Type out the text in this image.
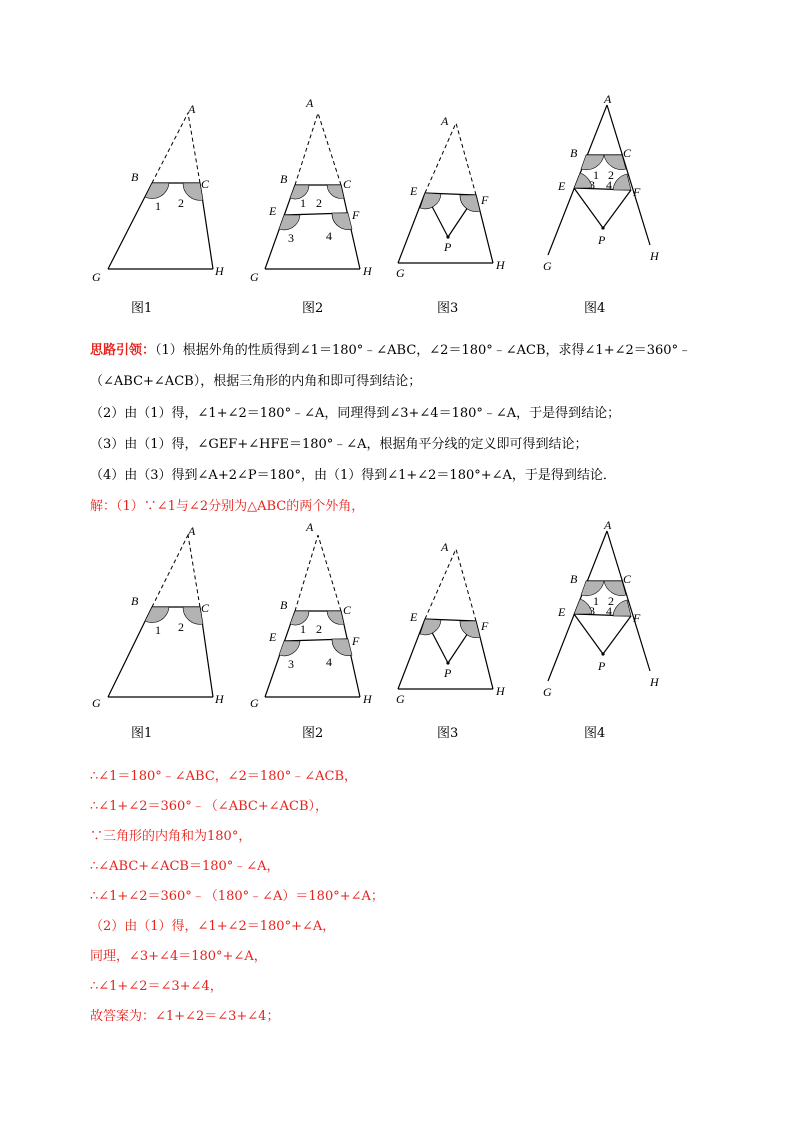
A
B	C
G	H
1 2
A
B	C
E	F
G	H
1 2
3	4
A
E
F
P
G
H
A
B	C
E	F
P
G
H
1 2
3 4
图1	图2	图3	图4
思路引领：（1）根据外角的性质得到∠1＝180°﹣∠ABC，∠2＝180°﹣∠ACB，求得∠1+∠2＝360°﹣
（∠ABC+∠ACB），根据三角形的内角和即可得到结论；
（2）由（1）得，∠1+∠2＝180°﹣∠A，同理得到∠3+∠4＝180°﹣∠A，于是得到结论；
（3）由（1）得，∠GEF+∠HFE＝180°﹣∠A，根据角平分线的定义即可得到结论；
（4）由（3）得到∠A+2∠P＝180°，由（1）得到∠1+∠2＝180°+∠A，于是得到结论．
解：（1）∵∠1与∠2分别为△ABC的两个外角，
A
B	C
G	H
1 2
A
B	C
E	F
G	H
1 2
3	4
A
E
F
P
G
H
A
B	C
E	F
P
G
H
1 2
3 4
图1	图2	图3	图4
∴∠1＝180°﹣∠ABC，∠2＝180°﹣∠ACB，
∴∠1+∠2＝360°﹣（∠ABC+∠ACB），
∵三角形的内角和为180°，
∴∠ABC+∠ACB＝180°﹣∠A，
∴∠1+∠2＝360°﹣（180°﹣∠A）＝180°+∠A；
（2）由（1）得，∠1+∠2＝180°+∠A，
同理，∠3+∠4＝180°+∠A，
∴∠1+∠2＝∠3+∠4，
故答案为：∠1+∠2＝∠3+∠4；
